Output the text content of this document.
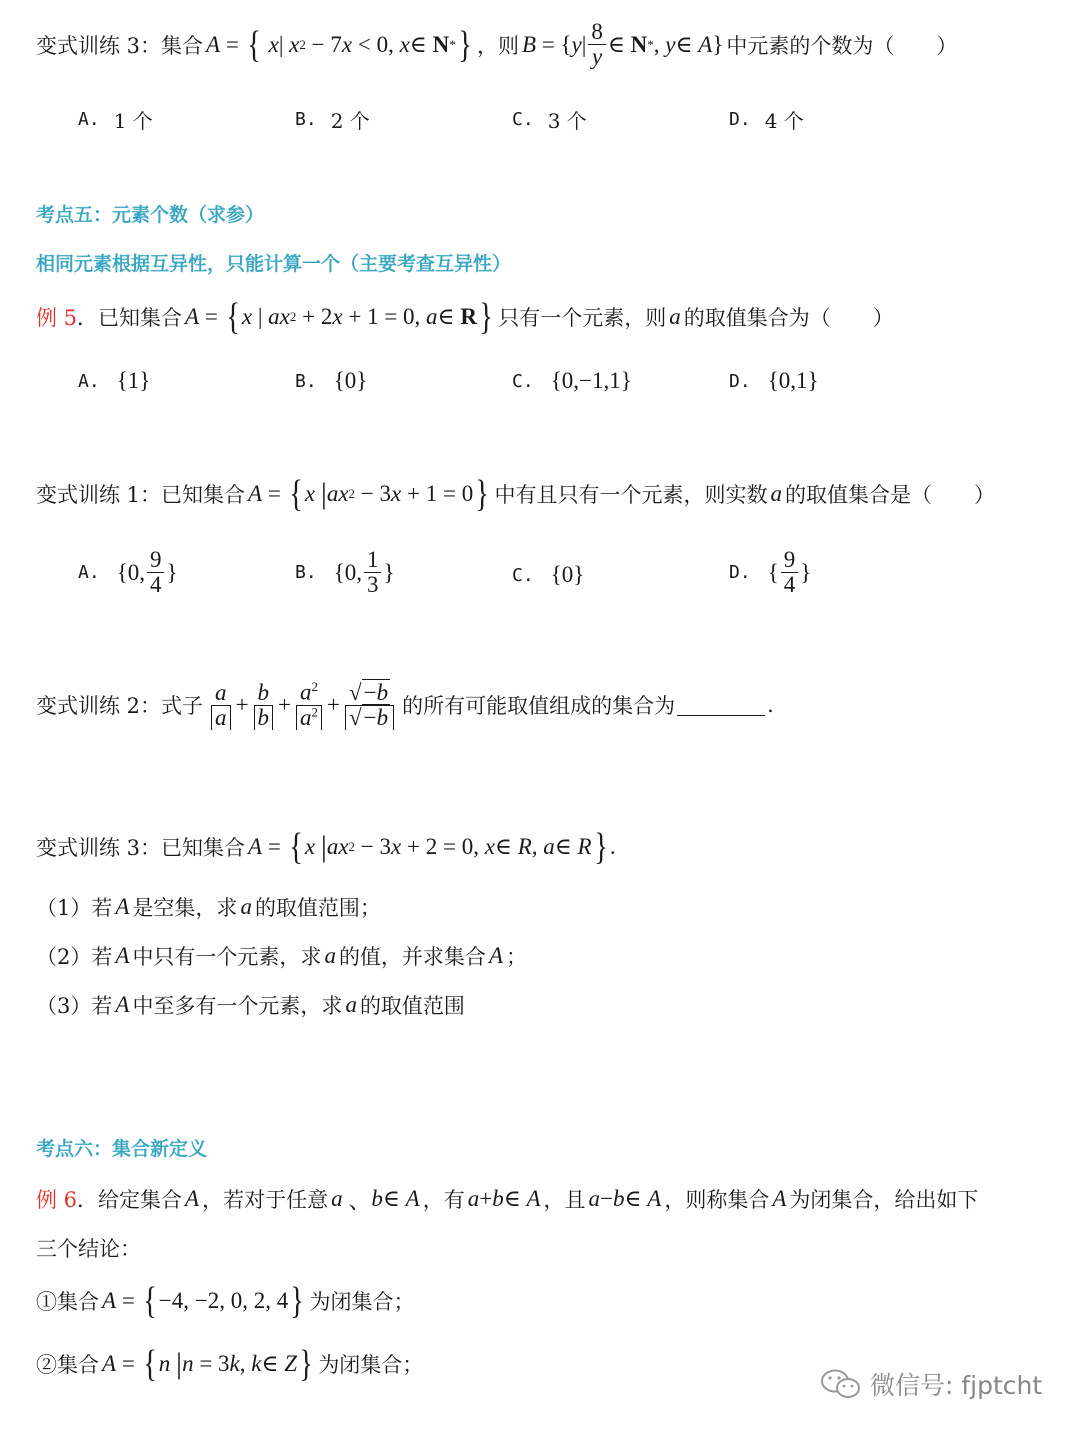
变式训练 3：集合 A = {
x | x 2 − 7 x < 0, x ∈ N * } ，则 B = { y | $\frac{8}{y}$ ∈ N * , y ∈ A } 中元素的个数为（　　）
A. 1 个	B. 2 个	C. 3 个	D. 4 个
考点五：元素个数（求参）
相同元素根据互异性，只能计算一个（主要考查互异性）
例 5 ．已知集合 A = { x | ax 2 + 2 x + 1 = 0, a ∈ R } 只有一个元素，则 a 的取值集合为（　　）
A. {1}	B. {0}	C. {0,−1,1}	D. {0,1}
变式训练 1：已知集合 A = { x
| ax 2 − 3 x + 1 = 0 } 中有且只有一个元素，则实数 a 的取值集合是（　　）
A. {0, $\frac{9}{4}$ }	B. {0, $\frac{1}{3}$ }	C. {0}	D. { $\frac{9}{4}$ }
变式训练 2：式子 $\frac{a}{a} + \frac{b}{b} + \frac{a^2}{a^2} + \frac{√-b}{√-b}$ 的所有可能取值组成的集合为	.
变式训练 3：已知集合 A = { x
| ax 2 − 3 x + 2 = 0, x ∈ R , a ∈ R } .
（1）若 A 是空集，求 a 的取值范围；
（2）若 A 中只有一个元素，求 a 的值，并求集合 A ；
（3）若 A 中至多有一个元素，求 a 的取值范围
考点六：集合新定义
例 6 ．给定集合 A ，若对于任意 a 、 b ∈ A ，有 a + b ∈ A ，且 a − b ∈ A ，则称集合 A 为闭集合，给出如下
三个结论：
①集合 A = { −4, −2, 0, 2, 4 } 为闭集合；
②集合 A = { n
| n = 3 k , k ∈ Z } 为闭集合；
微信号: fjptcht
